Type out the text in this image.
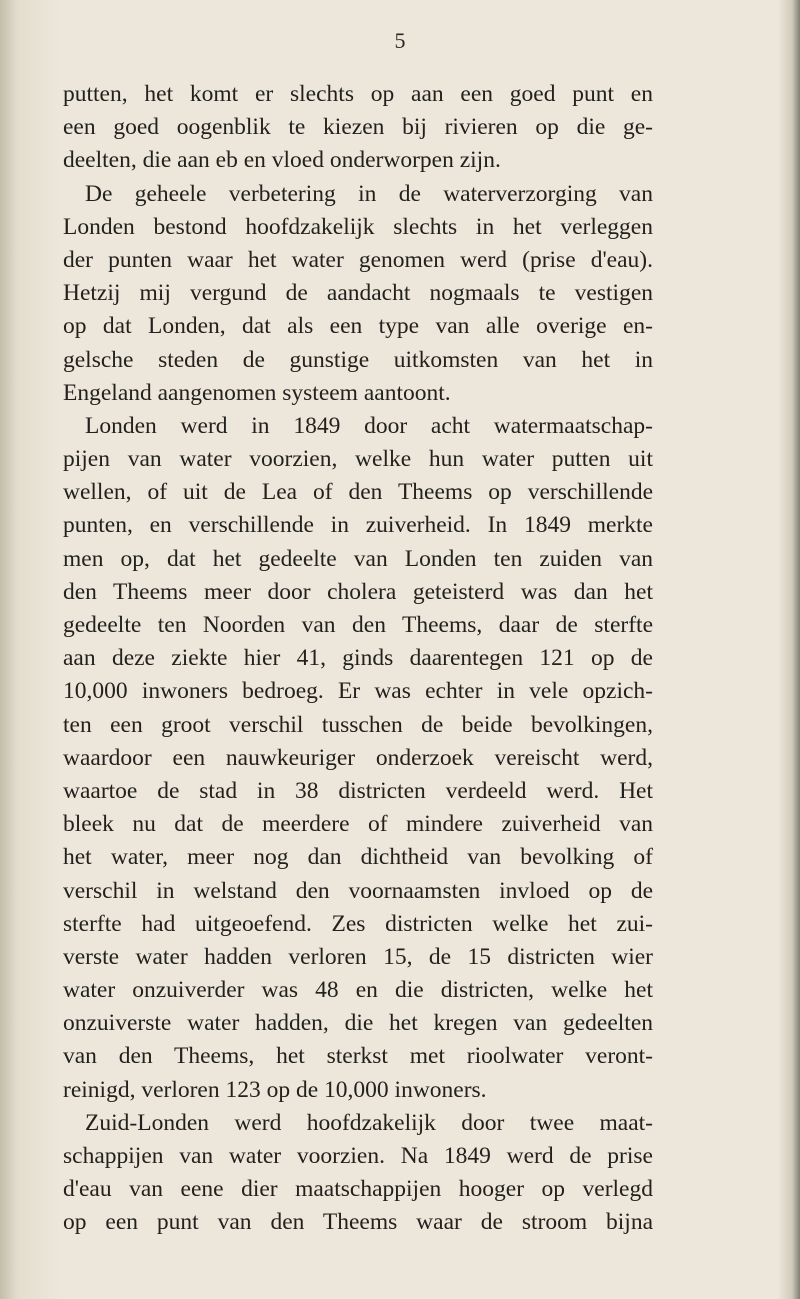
5
putten, het komt er slechts op aan een goed punt en
een goed oogenblik te kiezen bij rivieren op die ge-
deelten, die aan eb en vloed onderworpen zijn.
De geheele verbetering in de waterverzorging van
Londen bestond hoofdzakelijk slechts in het verleggen
der punten waar het water genomen werd (prise d'eau).
Hetzij mij vergund de aandacht nogmaals te vestigen
op dat Londen, dat als een type van alle overige en-
gelsche steden de gunstige uitkomsten van het in
Engeland aangenomen systeem aantoont.
Londen werd in 1849 door acht watermaatschap-
pijen van water voorzien, welke hun water putten uit
wellen, of uit de Lea of den Theems op verschillende
punten, en verschillende in zuiverheid. In 1849 merkte
men op, dat het gedeelte van Londen ten zuiden van
den Theems meer door cholera geteisterd was dan het
gedeelte ten Noorden van den Theems, daar de sterfte
aan deze ziekte hier 41, ginds daarentegen 121 op de
10,000 inwoners bedroeg. Er was echter in vele opzich-
ten een groot verschil tusschen de beide bevolkingen,
waardoor een nauwkeuriger onderzoek vereischt werd,
waartoe de stad in 38 districten verdeeld werd. Het
bleek nu dat de meerdere of mindere zuiverheid van
het water, meer nog dan dichtheid van bevolking of
verschil in welstand den voornaamsten invloed op de
sterfte had uitgeoefend. Zes districten welke het zui-
verste water hadden verloren 15, de 15 districten wier
water onzuiverder was 48 en die districten, welke het
onzuiverste water hadden, die het kregen van gedeelten
van den Theems, het sterkst met rioolwater veront-
reinigd, verloren 123 op de 10,000 inwoners.
Zuid-Londen werd hoofdzakelijk door twee maat-
schappijen van water voorzien. Na 1849 werd de prise
d'eau van eene dier maatschappijen hooger op verlegd
op een punt van den Theems waar de stroom bijna
